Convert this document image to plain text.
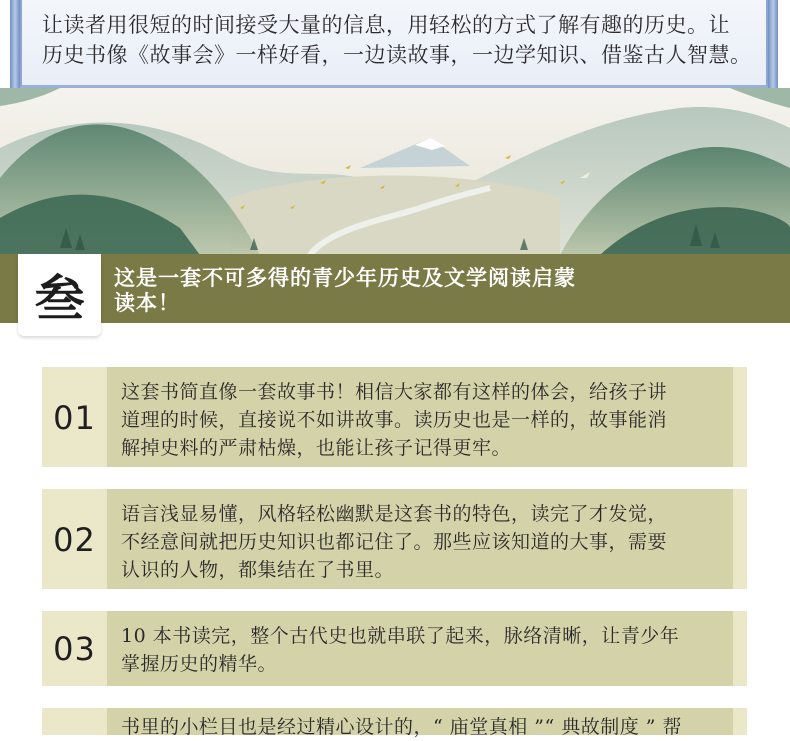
让读者用很短的时间接受大量的信息，用轻松的方式了解有趣的历史。让

历史书像《故事会》一样好看，一边读故事，一边学知识、借鉴古人智慧。

叁	这是一套不可多得的青少年历史及文学阅读启蒙
读本！
01

这套书简直像一套故事书！相信大家都有这样的体会，给孩子讲

道理的时候，直接说不如讲故事。读历史也是一样的，故事能消

解掉史料的严肃枯燥，也能让孩子记得更牢。

02

语言浅显易懂，风格轻松幽默是这套书的特色，读完了才发觉，

不经意间就把历史知识也都记住了。那些应该知道的大事，需要

认识的人物，都集结在了书里。

03	10 本书读完，整个古代史也就串联了起来，脉络清晰，让青少年

掌握历史的精华。

书里的小栏目也是经过精心设计的，“ 庙堂真相 ”“ 典故制度 ” 帮
